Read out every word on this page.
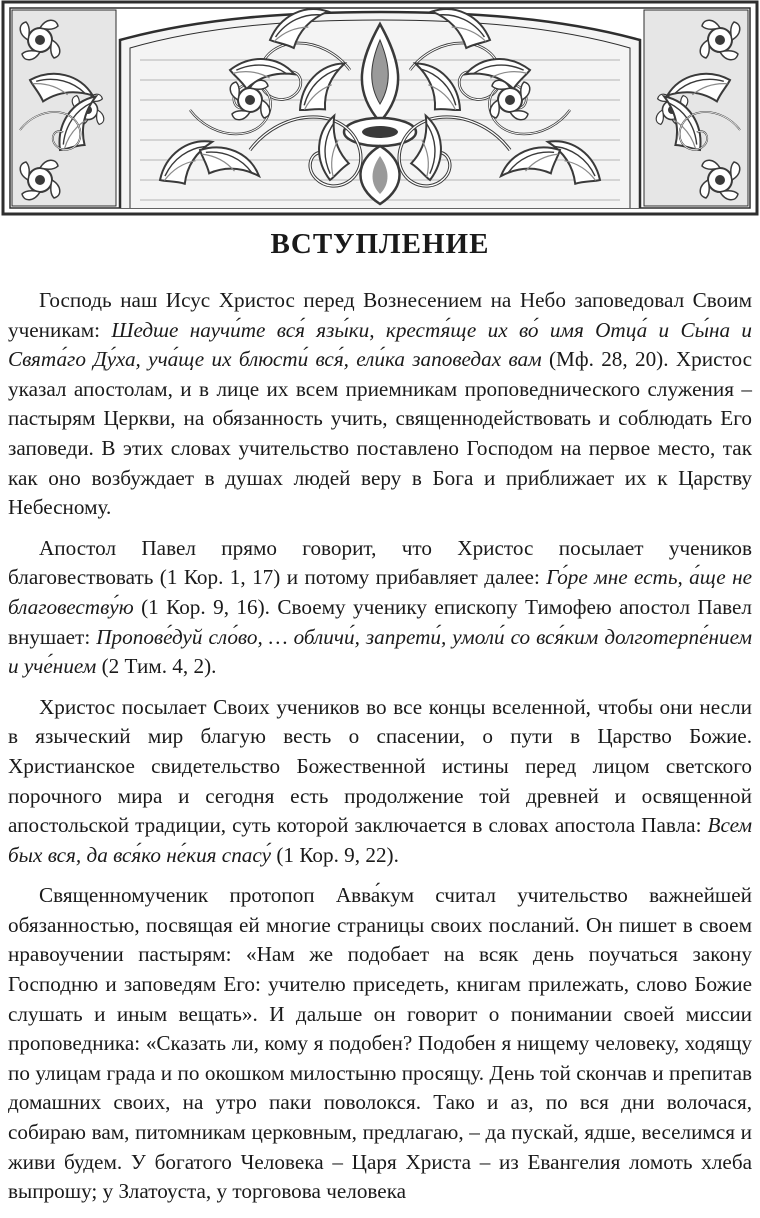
ВСТУПЛЕНИЕ

Господь наш Исус Христос перед Вознесением на Небо заповедовал Своим ученикам: Шедше научи́те вся́ язы́ки, крестя́ще их во́ имя Отца́ и Сы́на и Свята́го Ду́ха, уча́ще их блюсти́ вся́, ели́ка заповедах вам (Мф. 28, 20). Христос указал апостолам, и в лице их всем приемникам проповеднического служения – пастырям Церкви, на обязанность учить, священнодействовать и соблюдать Его заповеди. В этих словах учительство поставлено Господом на первое место, так как оно возбуждает в душах людей веру в Бога и приближает их к Царству Небесному.

Апостол Павел прямо говорит, что Христос посылает учеников благовествовать (1 Кор. 1, 17) и потому прибавляет далее: Го́ре мне есть, а́ще не благовеству́ю (1 Кор. 9, 16). Своему ученику епископу Тимофею апостол Павел внушает: Пропове́дуй сло́во, … обличи́, запрети́, умоли́ со вся́ким долготерпе́нием и уче́нием (2 Тим. 4, 2).

Христос посылает Своих учеников во все концы вселенной, чтобы они несли в языческий мир благую весть о спасении, о пути в Царство Божие. Христианское свидетельство Божественной истины перед лицом светского порочного мира и сегодня есть продолжение той древней и освященной апостольской традиции, суть которой заключается в словах апостола Павла: Всем бых вся, да вся́ко не́кия спасу́ (1 Кор. 9, 22).

Священномученик протопоп Авва́кум считал учительство важнейшей обязанностью, посвящая ей многие страницы своих посланий. Он пишет в своем нравоучении пастырям: «Нам же подобает на всяк день поучаться закону Господню и заповедям Его: учителю приседеть, книгам прилежать, слово Божие слушать и иным вещать». И дальше он говорит о понимании своей миссии проповедника: «Сказать ли, кому я подобен? Подобен я нищему человеку, ходящу по улицам града и по окошком милостыню просящу. День той скончав и препитав домашних своих, на утро паки поволокся. Тако и аз, по вся дни волочася, собираю вам, питомникам церковным, предлагаю, – да пускай, ядше, веселимся и живи будем. У богатого Человека – Царя Христа – из Евангелия ломоть хлеба выпрошу; у Златоуста, у торговова человека
